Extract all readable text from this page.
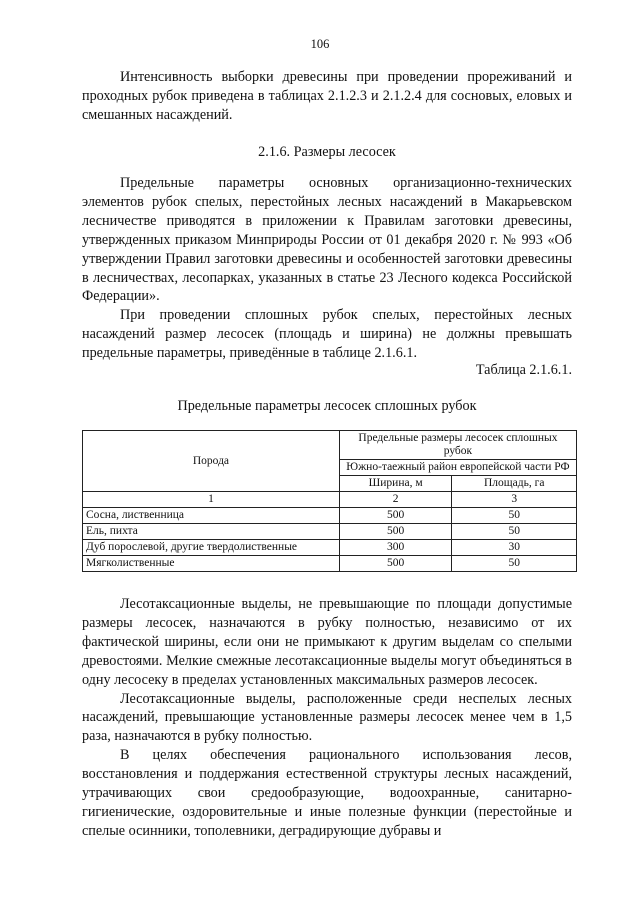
106

Интенсивность выборки древесины при проведении прореживаний и проходных рубок приведена в таблицах 2.1.2.3 и 2.1.2.4 для сосновых, еловых и смешанных насаждений.

2.1.6. Размеры лесосек

Предельные параметры основных организационно-технических элементов рубок спелых, перестойных лесных насаждений в Макарьевском лесничестве приводятся в приложении к Правилам заготовки древесины, утвержденных приказом Минприроды России от 01 декабря 2020 г. № 993 «Об утверждении Правил заготовки древесины и особенностей заготовки древесины в лесничествах, лесопарках, указанных в статье 23 Лесного кодекса Российской Федерации».

При проведении сплошных рубок спелых, перестойных лесных насаждений размер лесосек (площадь и ширина) не должны превышать предельные параметры, приведённые в таблице 2.1.6.1.

Таблица 2.1.6.1.
Предельные параметры лесосек сплошных рубок
Порода	Предельные размеры лесосек сплошных рубок	
	Южно-таежный район европейской части РФ	
	Ширина, м	Площадь, га
1	2	3
Сосна, лиственница	500	50
Ель, пихта	500	50
Дуб порослевой, другие твердолиственные	300	30
Мягколиственные	500	50

Лесотаксационные выделы, не превышающие по площади допустимые размеры лесосек, назначаются в рубку полностью, независимо от их фактической ширины, если они не примыкают к другим выделам со спелыми древостоями. Мелкие смежные лесотаксационные выделы могут объединяться в одну лесосеку в пределах установленных максимальных размеров лесосек.

Лесотаксационные выделы, расположенные среди неспелых лесных насаждений, превышающие установленные размеры лесосек менее чем в 1,5 раза, назначаются в рубку полностью.

В целях обеспечения рационального использования лесов, восстановления и поддержания естественной структуры лесных насаждений, утрачивающих свои средообразующие, водоохранные, санитарно-гигиенические, оздоровительные и иные полезные функции (перестойные и спелые осинники, тополевники, деградирующие дубравы и
